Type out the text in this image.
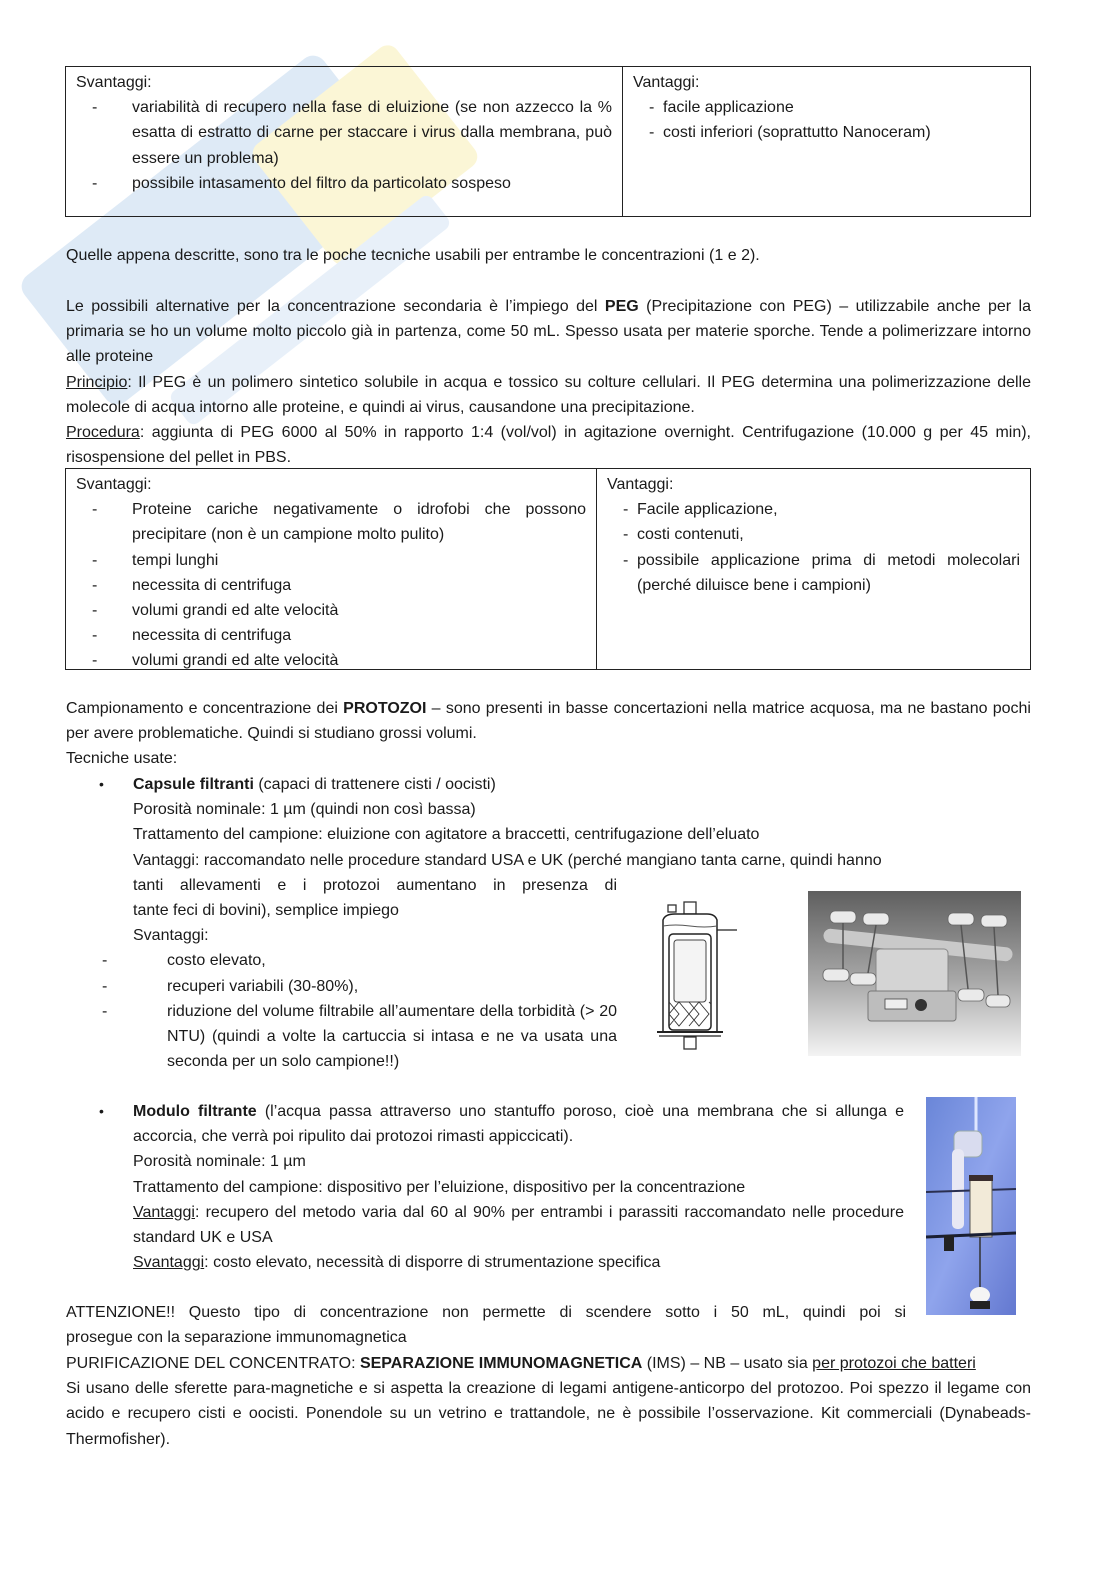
Svantaggi:
- variabilità di recupero nella fase di eluizione (se non azzecco la % esatta di estratto di carne per staccare i virus dalla membrana, può essere un problema)
- possibile intasamento del filtro da particolato sospeso
Vantaggi:
- facile applicazione
- costi inferiori (soprattutto Nanoceram)
Quelle appena descritte, sono tra le poche tecniche usabili per entrambe le concentrazioni (1 e 2).
Le possibili alternative per la concentrazione secondaria è l’impiego del PEG (Precipitazione con PEG) – utilizzabile anche per la primaria se ho un volume molto piccolo già in partenza, come 50 mL. Spesso usata per materie sporche. Tende a polimerizzare intorno alle proteine
Principio: Il PEG è un polimero sintetico solubile in acqua e tossico su colture cellulari. Il PEG determina una polimerizzazione delle molecole di acqua intorno alle proteine, e quindi ai virus, causandone una precipitazione.
Procedura: aggiunta di PEG 6000 al 50% in rapporto 1:4 (vol/vol) in agitazione overnight. Centrifugazione (10.000 g per 45 min), risospensione del pellet in PBS.
Svantaggi:
- Proteine cariche negativamente o idrofobi che possono precipitare (non è un campione molto pulito)
- tempi lunghi
- necessita di centrifuga
- volumi grandi ed alte velocità
- necessita di centrifuga
- volumi grandi ed alte velocità
Vantaggi:
- Facile applicazione,
- costi contenuti,
- possibile applicazione prima di metodi molecolari (perché diluisce bene i campioni)
Campionamento e concentrazione dei PROTOZOI – sono presenti in basse concertazioni nella matrice acquosa, ma ne bastano pochi per avere problematiche. Quindi si studiano grossi volumi.
Tecniche usate:
•	Capsule filtranti (capaci di trattenere cisti / oocisti)
Porosità nominale: 1 µm (quindi non così bassa)
Trattamento del campione: eluizione con agitatore a braccetti, centrifugazione dell’eluato
Vantaggi: raccomandato nelle procedure standard USA e UK (perché mangiano tanta carne, quindi hanno

tanti allevamenti e i protozoi aumentano in presenza di
tante feci di bovini), semplice impiego
Svantaggi:
-	costo elevato,
-	recuperi variabili (30-80%),
-	riduzione del volume filtrabile all’aumentare della torbidità (> 20 NTU) (quindi a volte la cartuccia si intasa e ne va usata una seconda per un solo campione!!)
•	Modulo filtrante (l’acqua passa attraverso uno stantuffo poroso, cioè una membrana che si allunga e accorcia, che verrà poi ripulito dai protozoi rimasti appiccicati).
Porosità nominale: 1 µm
Trattamento del campione: dispositivo per l’eluizione, dispositivo per la concentrazione
Vantaggi: recupero del metodo varia dal 60 al 90% per entrambi i parassiti raccomandato nelle procedure standard UK e USA
Svantaggi: costo elevato, necessità di disporre di strumentazione specifica
ATTENZIONE!! Questo tipo di concentrazione non permette di scendere sotto i 50 mL, quindi poi si
prosegue con la separazione immunomagnetica
PURIFICAZIONE DEL CONCENTRATO: SEPARAZIONE IMMUNOMAGNETICA (IMS) – NB – usato sia per protozoi che batteri
Si usano delle sferette para-magnetiche e si aspetta la creazione di legami antigene-anticorpo del protozoo. Poi spezzo il legame con acido e recupero cisti e oocisti. Ponendole su un vetrino e trattandole, ne è possibile l’osservazione. Kit commerciali (Dynabeads- Thermofisher).
